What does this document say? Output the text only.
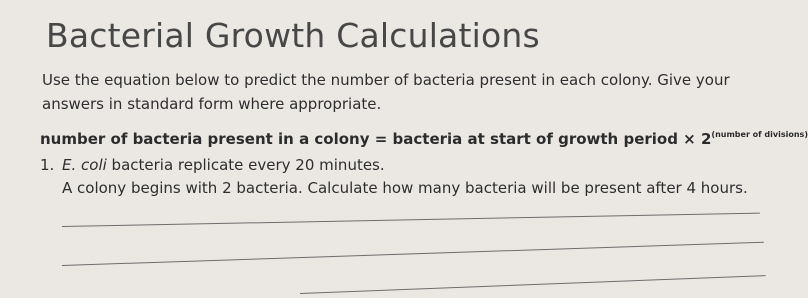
Bacterial Growth Calculations
Use the equation below to predict the number of bacteria present in each colony. Give your answers in standard form where appropriate.
number of bacteria present in a colony = bacteria at start of growth period × $2^{(number of divisions)}$
1. E. coli bacteria replicate every 20 minutes.
A colony begins with 2 bacteria. Calculate how many bacteria will be present after 4 hours.
